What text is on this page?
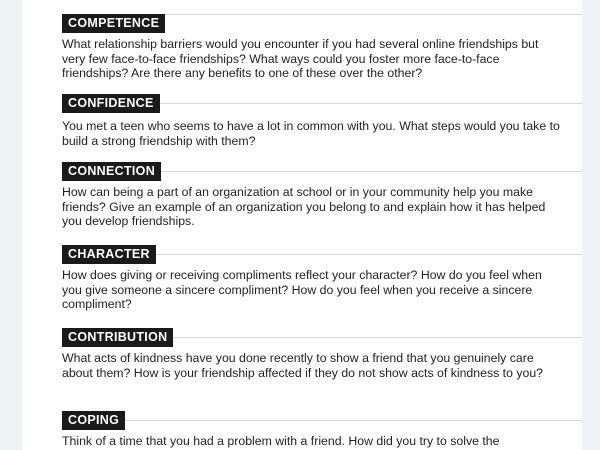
COMPETENCE
What relationship barriers would you encounter if you had several online friendships but very few face-to-face friendships? What ways could you foster more face-to-face friendships? Are there any benefits to one of these over the other?
CONFIDENCE
You met a teen who seems to have a lot in common with you. What steps would you take to build a strong friendship with them?
CONNECTION
How can being a part of an organization at school or in your community help you make friends? Give an example of an organization you belong to and explain how it has helped you develop friendships.
CHARACTER
How does giving or receiving compliments reflect your character? How do you feel when you give someone a sincere compliment? How do you feel when you receive a sincere compliment?
CONTRIBUTION
What acts of kindness have you done recently to show a friend that you genuinely care about them? How is your friendship affected if they do not show acts of kindness to you?
COPING
Think of a time that you had a problem with a friend. How did you try to solve the
